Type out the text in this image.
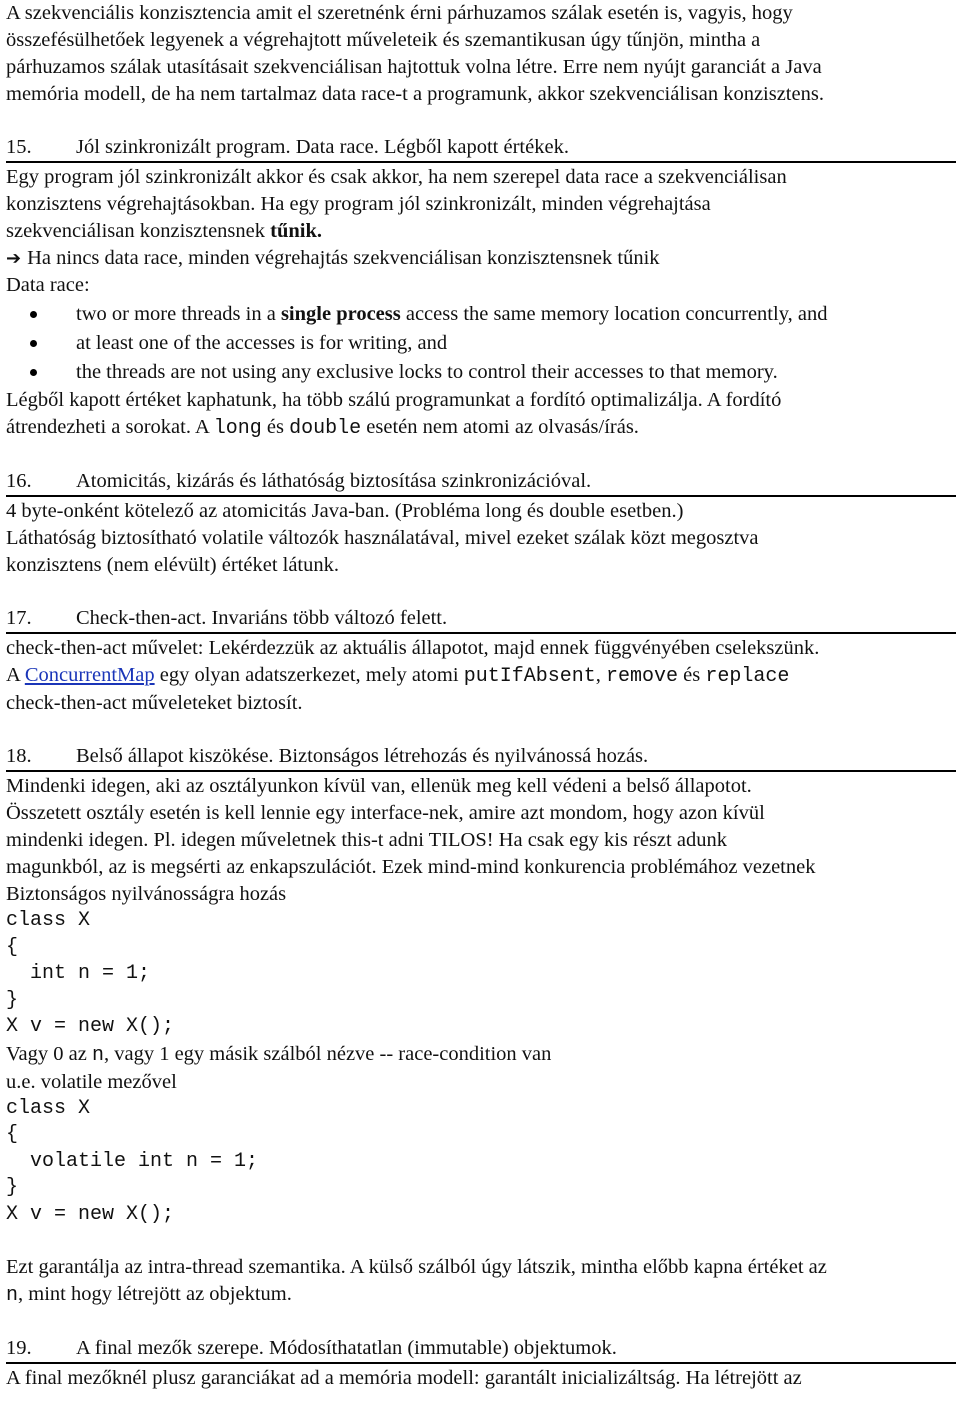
A szekvenciális konzisztencia amit el szeretnénk érni párhuzamos szálak esetén is, vagyis, hogy

összefésülhetőek legyenek a végrehajtott műveleteik és szemantikusan úgy tűnjön, mintha a

párhuzamos szálak utasításait szekvenciálisan hajtottuk volna létre. Erre nem nyújt garanciát a Java

memória modell, de ha nem tartalmaz data race-t a programunk, akkor szekvenciálisan konzisztens.

15.	Jól szinkronizált program. Data race. Légből kapott értékek.

Egy program jól szinkronizált akkor és csak akkor, ha nem szerepel data race a szekvenciálisan

konzisztens végrehajtásokban. Ha egy program jól szinkronizált, minden végrehajtása

szekvenciálisan konzisztensnek tűnik.

➔ Ha nincs data race, minden végrehajtás szekvenciálisan konzisztensnek tűnik

Data race:

two or more threads in a single process access the same memory location concurrently, and
at least one of the accesses is for writing, and
the threads are not using any exclusive locks to control their accesses to that memory.

Légből kapott értéket kaphatunk, ha több szálú programunkat a fordító optimalizálja. A fordító

átrendezheti a sorokat. A long és double esetén nem atomi az olvasás/írás.

16.	Atomicitás, kizárás és láthatóság biztosítása szinkronizációval.

4 byte-onként kötelező az atomicitás Java-ban. (Probléma long és double esetben.)

Láthatóság biztosítható volatile változók használatával, mivel ezeket szálak közt megosztva

konzisztens (nem elévült) értéket látunk.

17.	Check-then-act. Invariáns több változó felett.

check-then-act művelet: Lekérdezzük az aktuális állapotot, majd ennek függvényében cselekszünk.

A ConcurrentMap egy olyan adatszerkezet, mely atomi putIfAbsent, remove és replace

check-then-act műveleteket biztosít.

18.	Belső állapot kiszökése. Biztonságos létrehozás és nyilvánossá hozás.

Mindenki idegen, aki az osztályunkon kívül van, ellenük meg kell védeni a belső állapotot.

Összetett osztály esetén is kell lennie egy interface-nek, amire azt mondom, hogy azon kívül

mindenki idegen. Pl. idegen műveletnek this-t adni TILOS! Ha csak egy kis részt adunk

magunkból, az is megsérti az enkapszulációt. Ezek mind-mind konkurencia problémához vezetnek

Biztonságos nyilvánosságra hozás

class X
{
int n = 1;
}
X v = new X();

Vagy 0 az n, vagy 1 egy másik szálból nézve -- race-condition van

u.e. volatile mezővel

class X
{
volatile int n = 1;
}
X v = new X();

Ezt garantálja az intra-thread szemantika. A külső szálból úgy látszik, mintha előbb kapna értéket az

n, mint hogy létrejött az objektum.

19.	A final mezők szerepe. Módosíthatatlan (immutable) objektumok.

A final mezőknél plusz garanciákat ad a memória modell: garantált inicializáltság. Ha létrejött az
